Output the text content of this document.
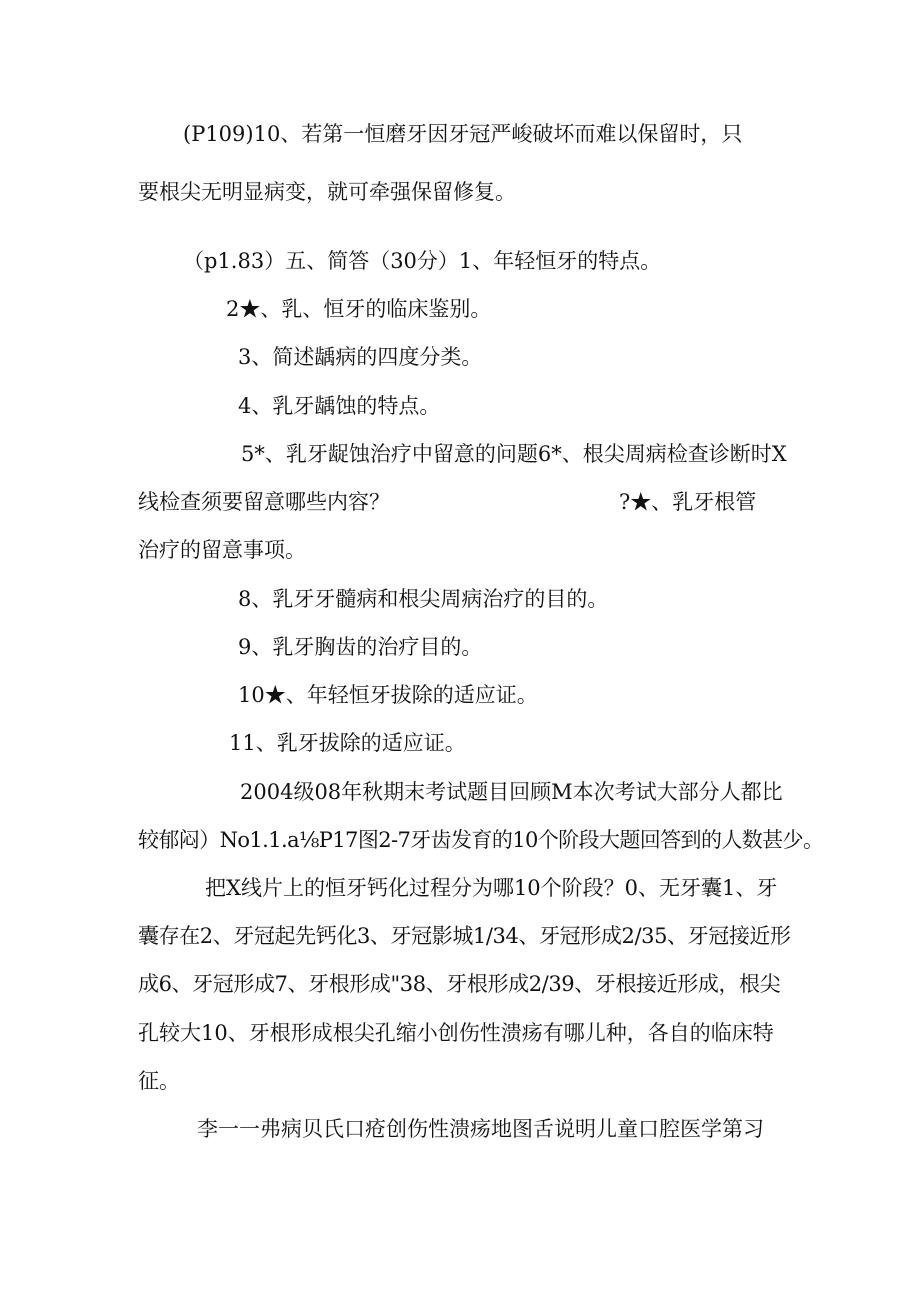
(P109)10、若第一恒磨牙因牙冠严峻破坏而难以保留时，只
要根尖无明显病变，就可牵强保留修复。
（p1.83）五、简答（30分）1、年轻恒牙的特点。
2★、乳、恒牙的临床鉴别。
3、简述龋病的四度分类。
4、乳牙龋蚀的特点。
5*、乳牙龊蚀治疗中留意的问题6*、根尖周病检查诊断时X
线检查须要留意哪些内容？	?★、乳牙根管
治疗的留意事项。
8、乳牙牙髓病和根尖周病治疗的目的。
9、乳牙胸齿的治疗目的。
10★、年轻恒牙拔除的适应证。
11、乳牙拔除的适应证。
2004级08年秋期末考试题目回顾M本次考试大部分人都比
较郁闷）No1.1.a⅛P17图2-7牙齿发育的10个阶段大题回答到的人数甚少。
把X线片上的恒牙钙化过程分为哪10个阶段？0、无牙囊1、牙
囊存在2、牙冠起先钙化3、牙冠影城1/34、牙冠形成2/35、牙冠接近形
成6、牙冠形成7、牙根形成"38、牙根形成2/39、牙根接近形成，根尖
孔较大10、牙根形成根尖孔缩小创伤性溃疡有哪儿种，各自的临床特
征。
李一一弗病贝氏口疮创伤性溃疡地图舌说明儿童口腔医学第习
